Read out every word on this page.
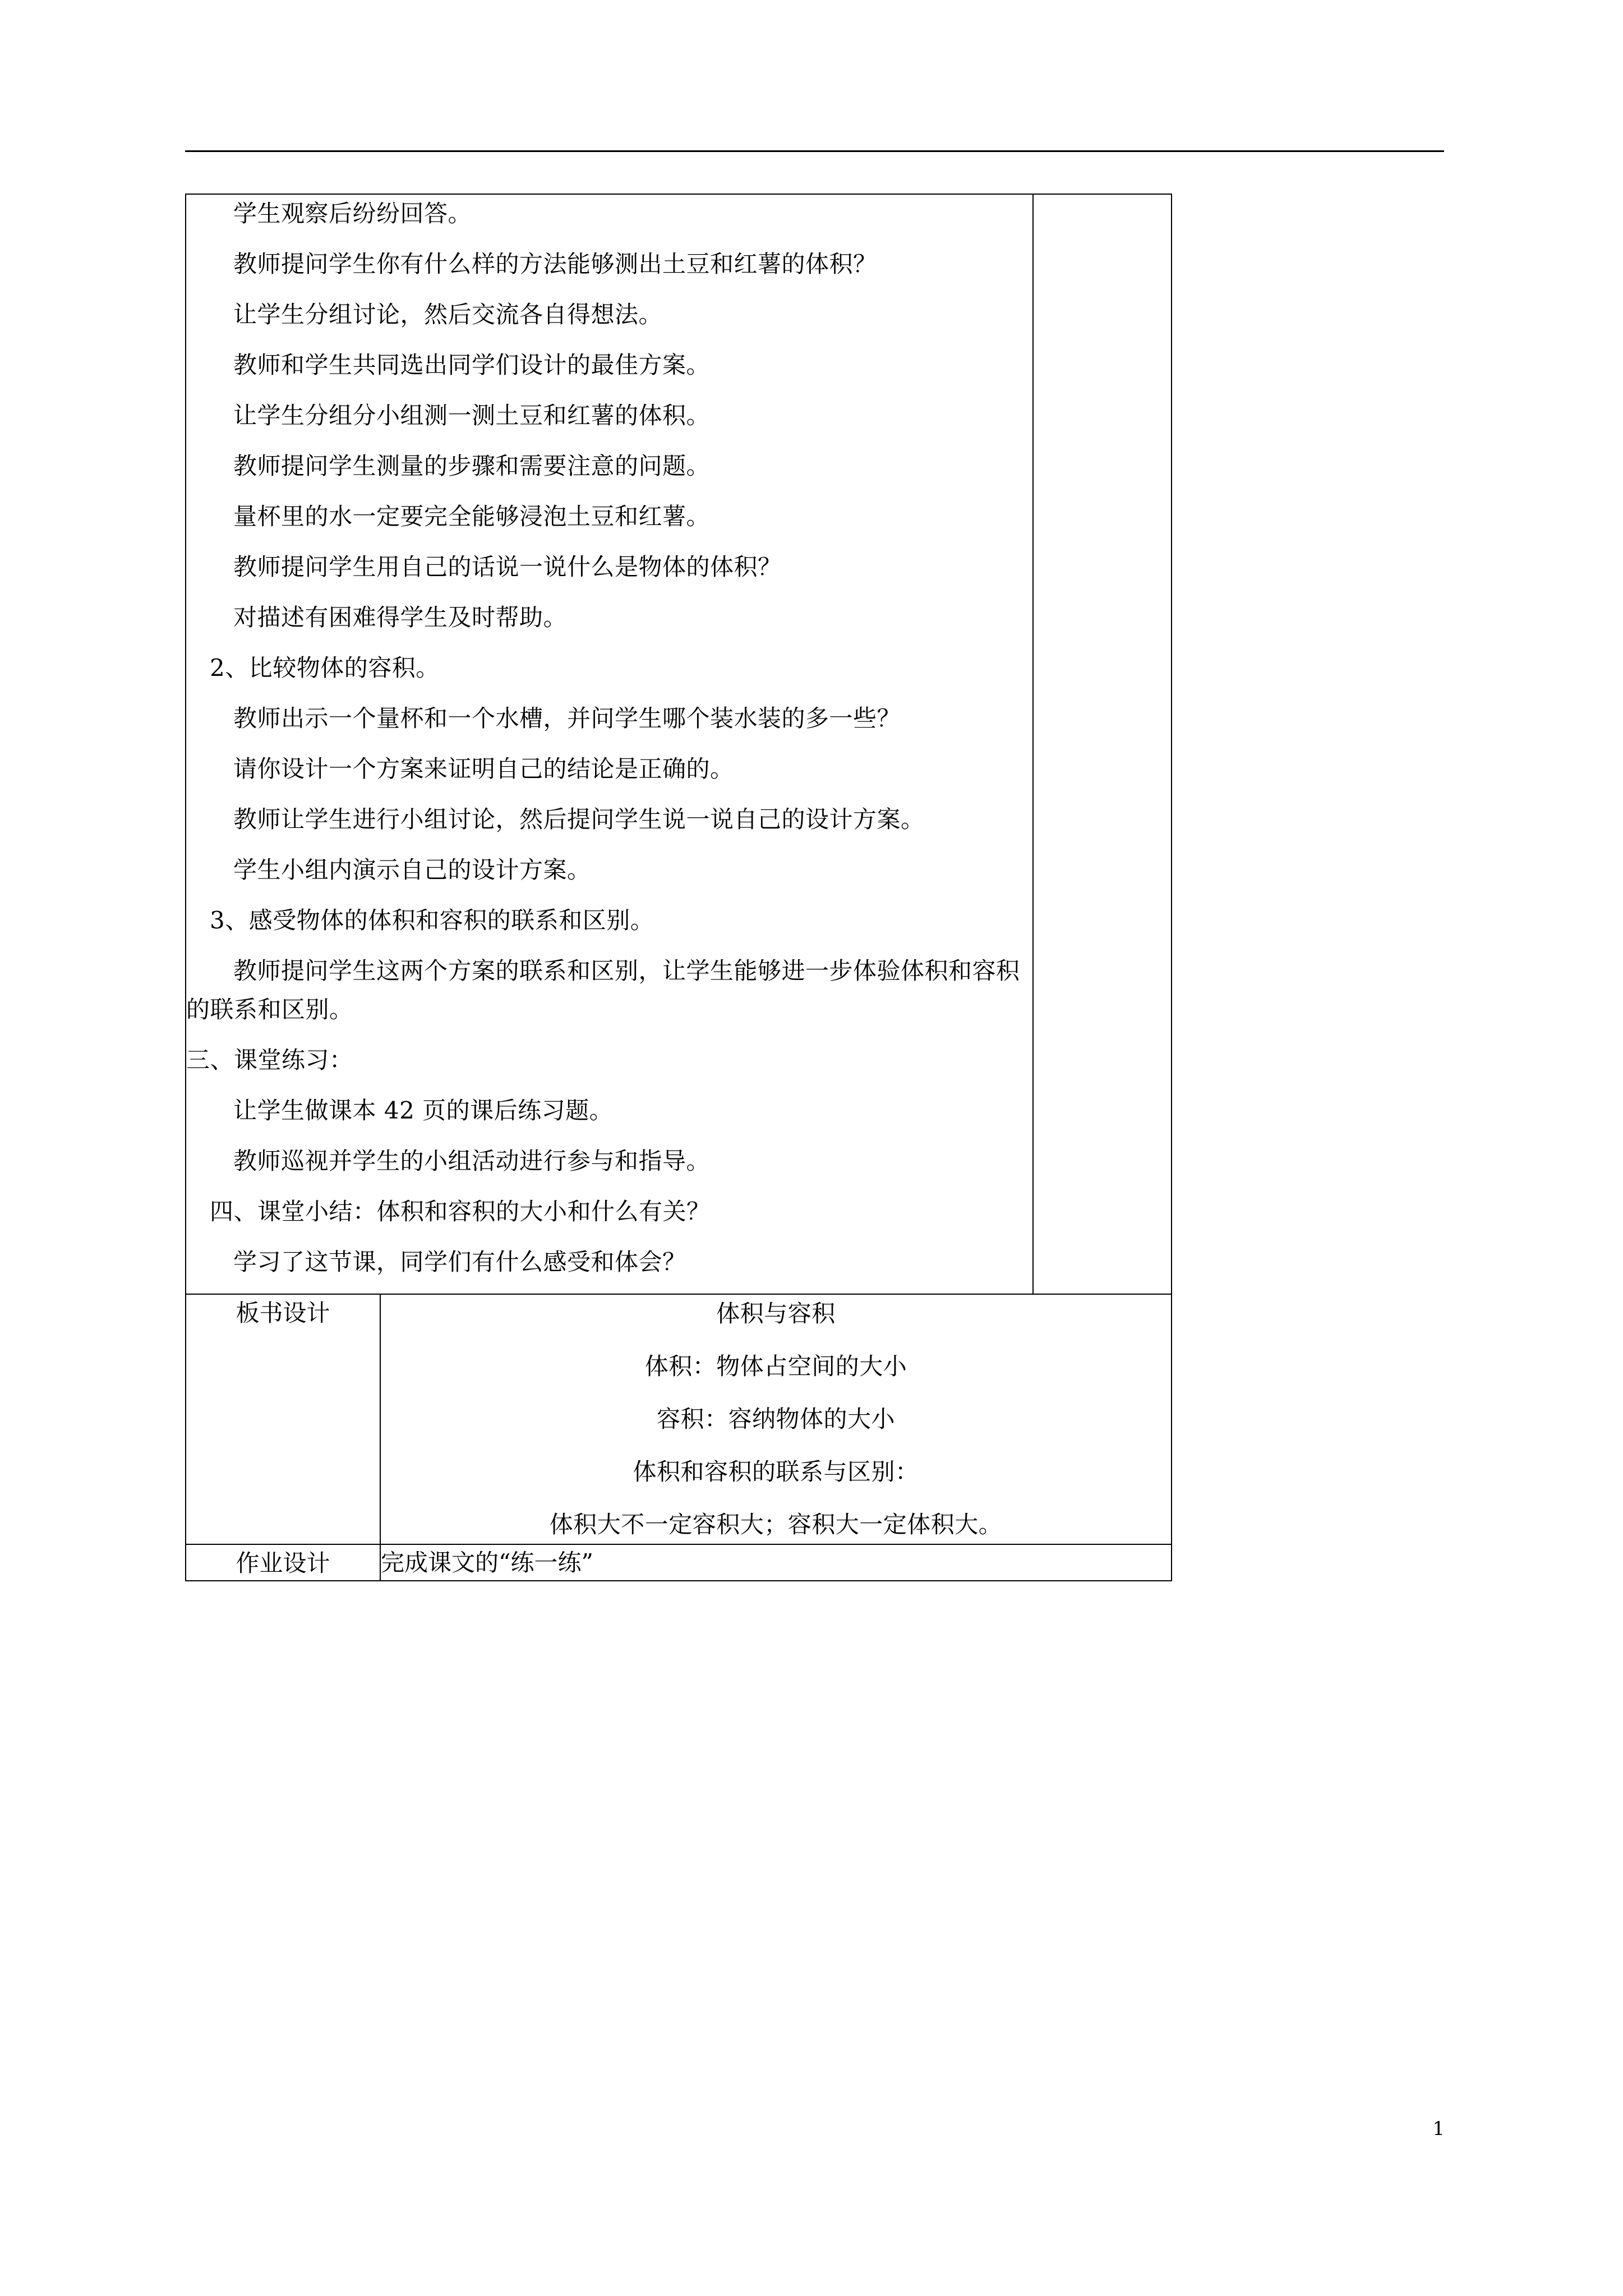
学生观察后纷纷回答。

教师提问学生你有什么样的方法能够测出土豆和红薯的体积？

让学生分组讨论，然后交流各自得想法。

教师和学生共同选出同学们设计的最佳方案。

让学生分组分小组测一测土豆和红薯的体积。

教师提问学生测量的步骤和需要注意的问题。

量杯里的水一定要完全能够浸泡土豆和红薯。

教师提问学生用自己的话说一说什么是物体的体积？

对描述有困难得学生及时帮助。

2、比较物体的容积。

教师出示一个量杯和一个水槽，并问学生哪个装水装的多一些？

请你设计一个方案来证明自己的结论是正确的。

教师让学生进行小组讨论，然后提问学生说一说自己的设计方案。

学生小组内演示自己的设计方案。

3、感受物体的体积和容积的联系和区别。

教师提问学生这两个方案的联系和区别，让学生能够进一步体验体积和容积的联系和区别。

三、课堂练习：

让学生做课本 42 页的课后练习题。

教师巡视并学生的小组活动进行参与和指导。

四、课堂小结：体积和容积的大小和什么有关？

学习了这节课，同学们有什么感受和体会？

板书设计	体积与容积

体积：物体占空间的大小

容积：容纳物体的大小

体积和容积的联系与区别：

体积大不一定容积大；容积大一定体积大。	

作业设计	完成课文的“练一练”	
1
